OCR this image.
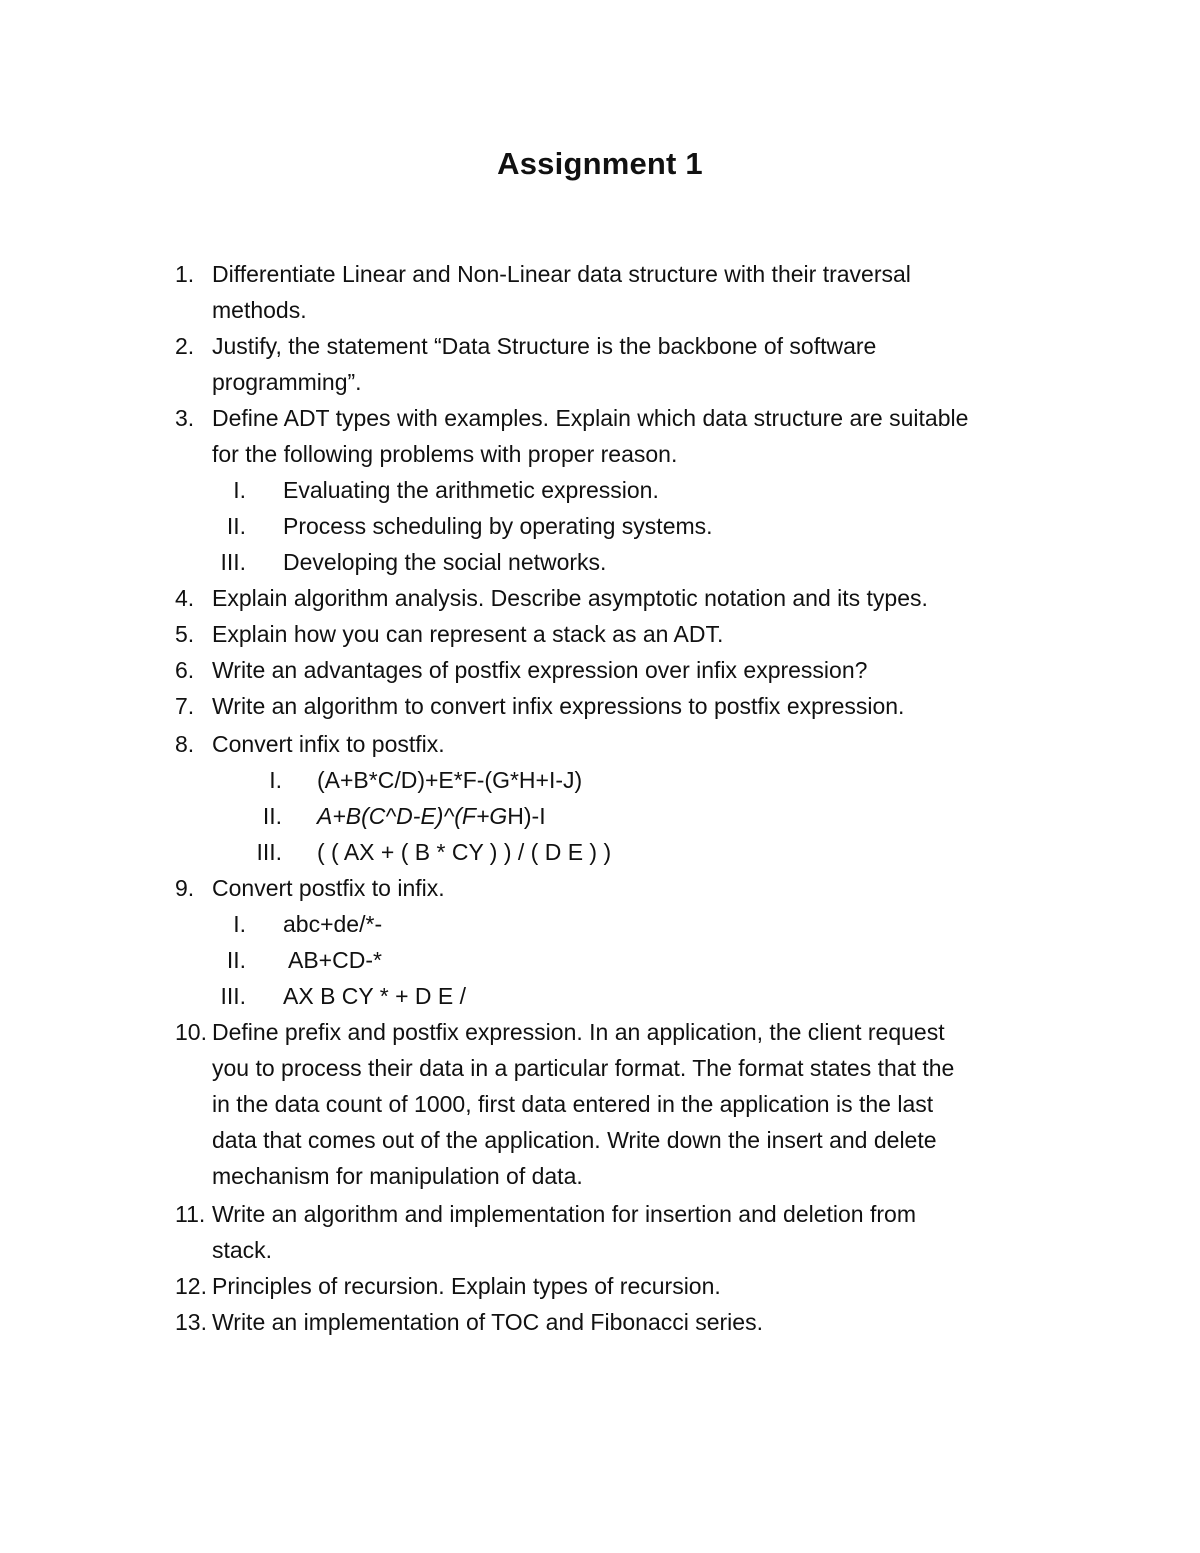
Assignment 1
1. Differentiate Linear and Non-Linear data structure with their traversal
methods.
2. Justify, the statement “Data Structure is the backbone of software
programming”.
3. Define ADT types with examples. Explain which data structure are suitable
for the following problems with proper reason.
I. Evaluating the arithmetic expression.
II. Process scheduling by operating systems.
III. Developing the social networks.
4. Explain algorithm analysis. Describe asymptotic notation and its types.
5. Explain how you can represent a stack as an ADT.
6. Write an advantages of postfix expression over infix expression?
7. Write an algorithm to convert infix expressions to postfix expression.
8. Convert infix to postfix.
I. (A+B*C/D)+E*F-(G*H+I-J)
II. A+B(C^D-E)^(F+GH)-I
III. ( ( AX + ( B * CY ) ) / ( D E ) )
9. Convert postfix to infix.
I. abc+de/*-
II. AB+CD-*
III. AX B CY * + D E /
10. Define prefix and postfix expression. In an application, the client request
you to process their data in a particular format. The format states that the
in the data count of 1000, first data entered in the application is the last
data that comes out of the application. Write down the insert and delete
mechanism for manipulation of data.
11. Write an algorithm and implementation for insertion and deletion from
stack.
12. Principles of recursion. Explain types of recursion.
13. Write an implementation of TOC and Fibonacci series.
